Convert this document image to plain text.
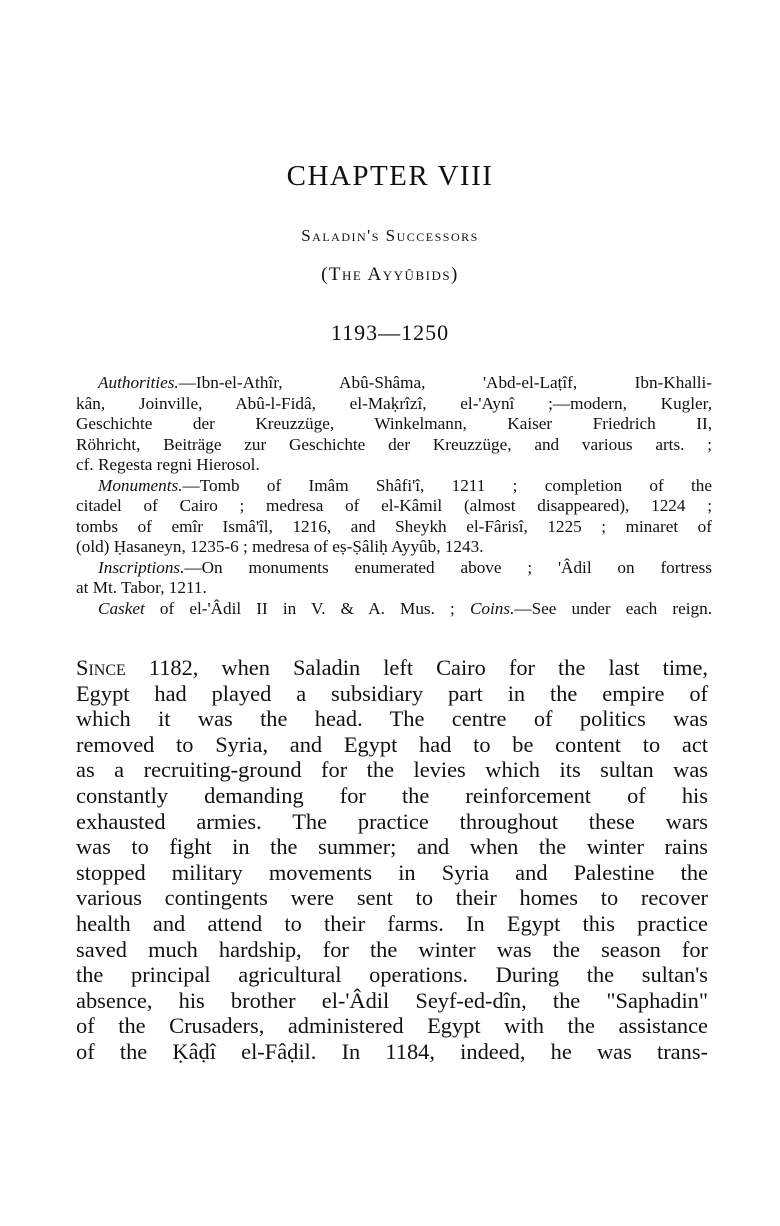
CHAPTER VIII
Saladin's Successors
(The Ayyûbids)
1193—1250
Authorities.—Ibn-el-Athîr, Abû-Shâma, 'Abd-el-Laṭîf, Ibn-Khalli-
kân, Joinville, Abû-l-Fidâ, el-Maḳrîzî, el-'Aynî ;—modern, Kugler,
Geschichte der Kreuzzüge, Winkelmann, Kaiser Friedrich II,
Röhricht, Beiträge zur Geschichte der Kreuzzüge, and various arts. ;
cf. Regesta regni Hierosol.
Monuments.—Tomb of Imâm Shâfi'î, 1211 ; completion of the
citadel of Cairo ; medresa of el-Kâmil (almost disappeared), 1224 ;
tombs of emîr Ismâ'îl, 1216, and Sheykh el-Fârisî, 1225 ; minaret of
(old) Ḥasaneyn, 1235-6 ; medresa of eṣ-Ṣâliḥ Ayyûb, 1243.
Inscriptions.—On monuments enumerated above ; 'Âdil on fortress
at Mt. Tabor, 1211.
Casket of el-'Âdil II in V. & A. Mus. ; Coins.—See under each reign.
Since 1182, when Saladin left Cairo for the last time,
Egypt had played a subsidiary part in the empire of
which it was the head. The centre of politics was
removed to Syria, and Egypt had to be content to act
as a recruiting-ground for the levies which its sultan was
constantly demanding for the reinforcement of his
exhausted armies. The practice throughout these wars
was to fight in the summer; and when the winter rains
stopped military movements in Syria and Palestine the
various contingents were sent to their homes to recover
health and attend to their farms. In Egypt this practice
saved much hardship, for the winter was the season for
the principal agricultural operations. During the sultan's
absence, his brother el-'Âdil Seyf-ed-dîn, the "Saphadin"
of the Crusaders, administered Egypt with the assistance
of the Ḳâḍî el-Fâḍil. In 1184, indeed, he was trans-
